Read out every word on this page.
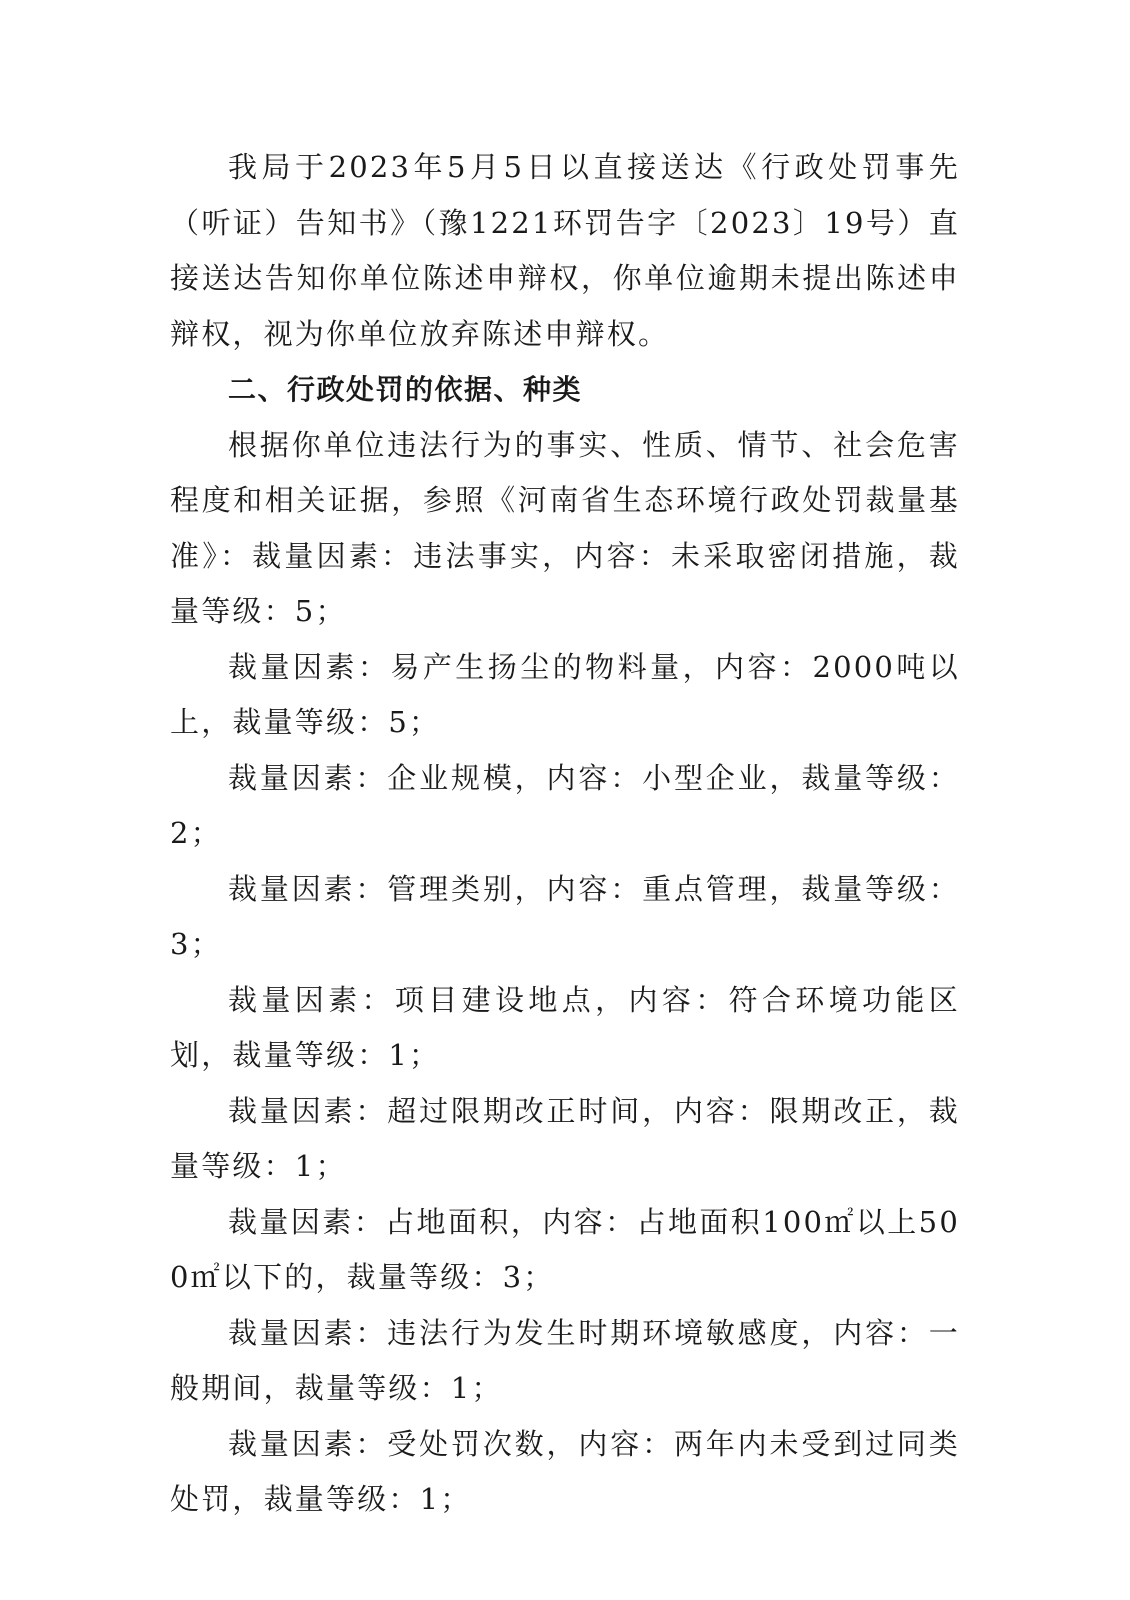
我局于2023年5月5日以直接送达《行政处罚事先（听证）告知书》（豫1221环罚告字〔2023〕19号）直接送达告知你单位陈述申辩权，你单位逾期未提出陈述申辩权，视为你单位放弃陈述申辩权。

二、行政处罚的依据、种类

根据你单位违法行为的事实、性质、情节、社会危害程度和相关证据，参照《河南省生态环境行政处罚裁量基准》：裁量因素：违法事实，内容：未采取密闭措施，裁量等级：5；

裁量因素：易产生扬尘的物料量，内容：2000吨以上，裁量等级：5；

裁量因素：企业规模，内容：小型企业，裁量等级：2；

裁量因素：管理类别，内容：重点管理，裁量等级：3；

裁量因素：项目建设地点，内容：符合环境功能区划，裁量等级：1；

裁量因素：超过限期改正时间，内容：限期改正，裁量等级：1；

裁量因素：占地面积，内容：占地面积100㎡以上500㎡以下的，裁量等级：3；

裁量因素：违法行为发生时期环境敏感度，内容：一般期间，裁量等级：1；

裁量因素：受处罚次数，内容：两年内未受到过同类处罚，裁量等级：1；
